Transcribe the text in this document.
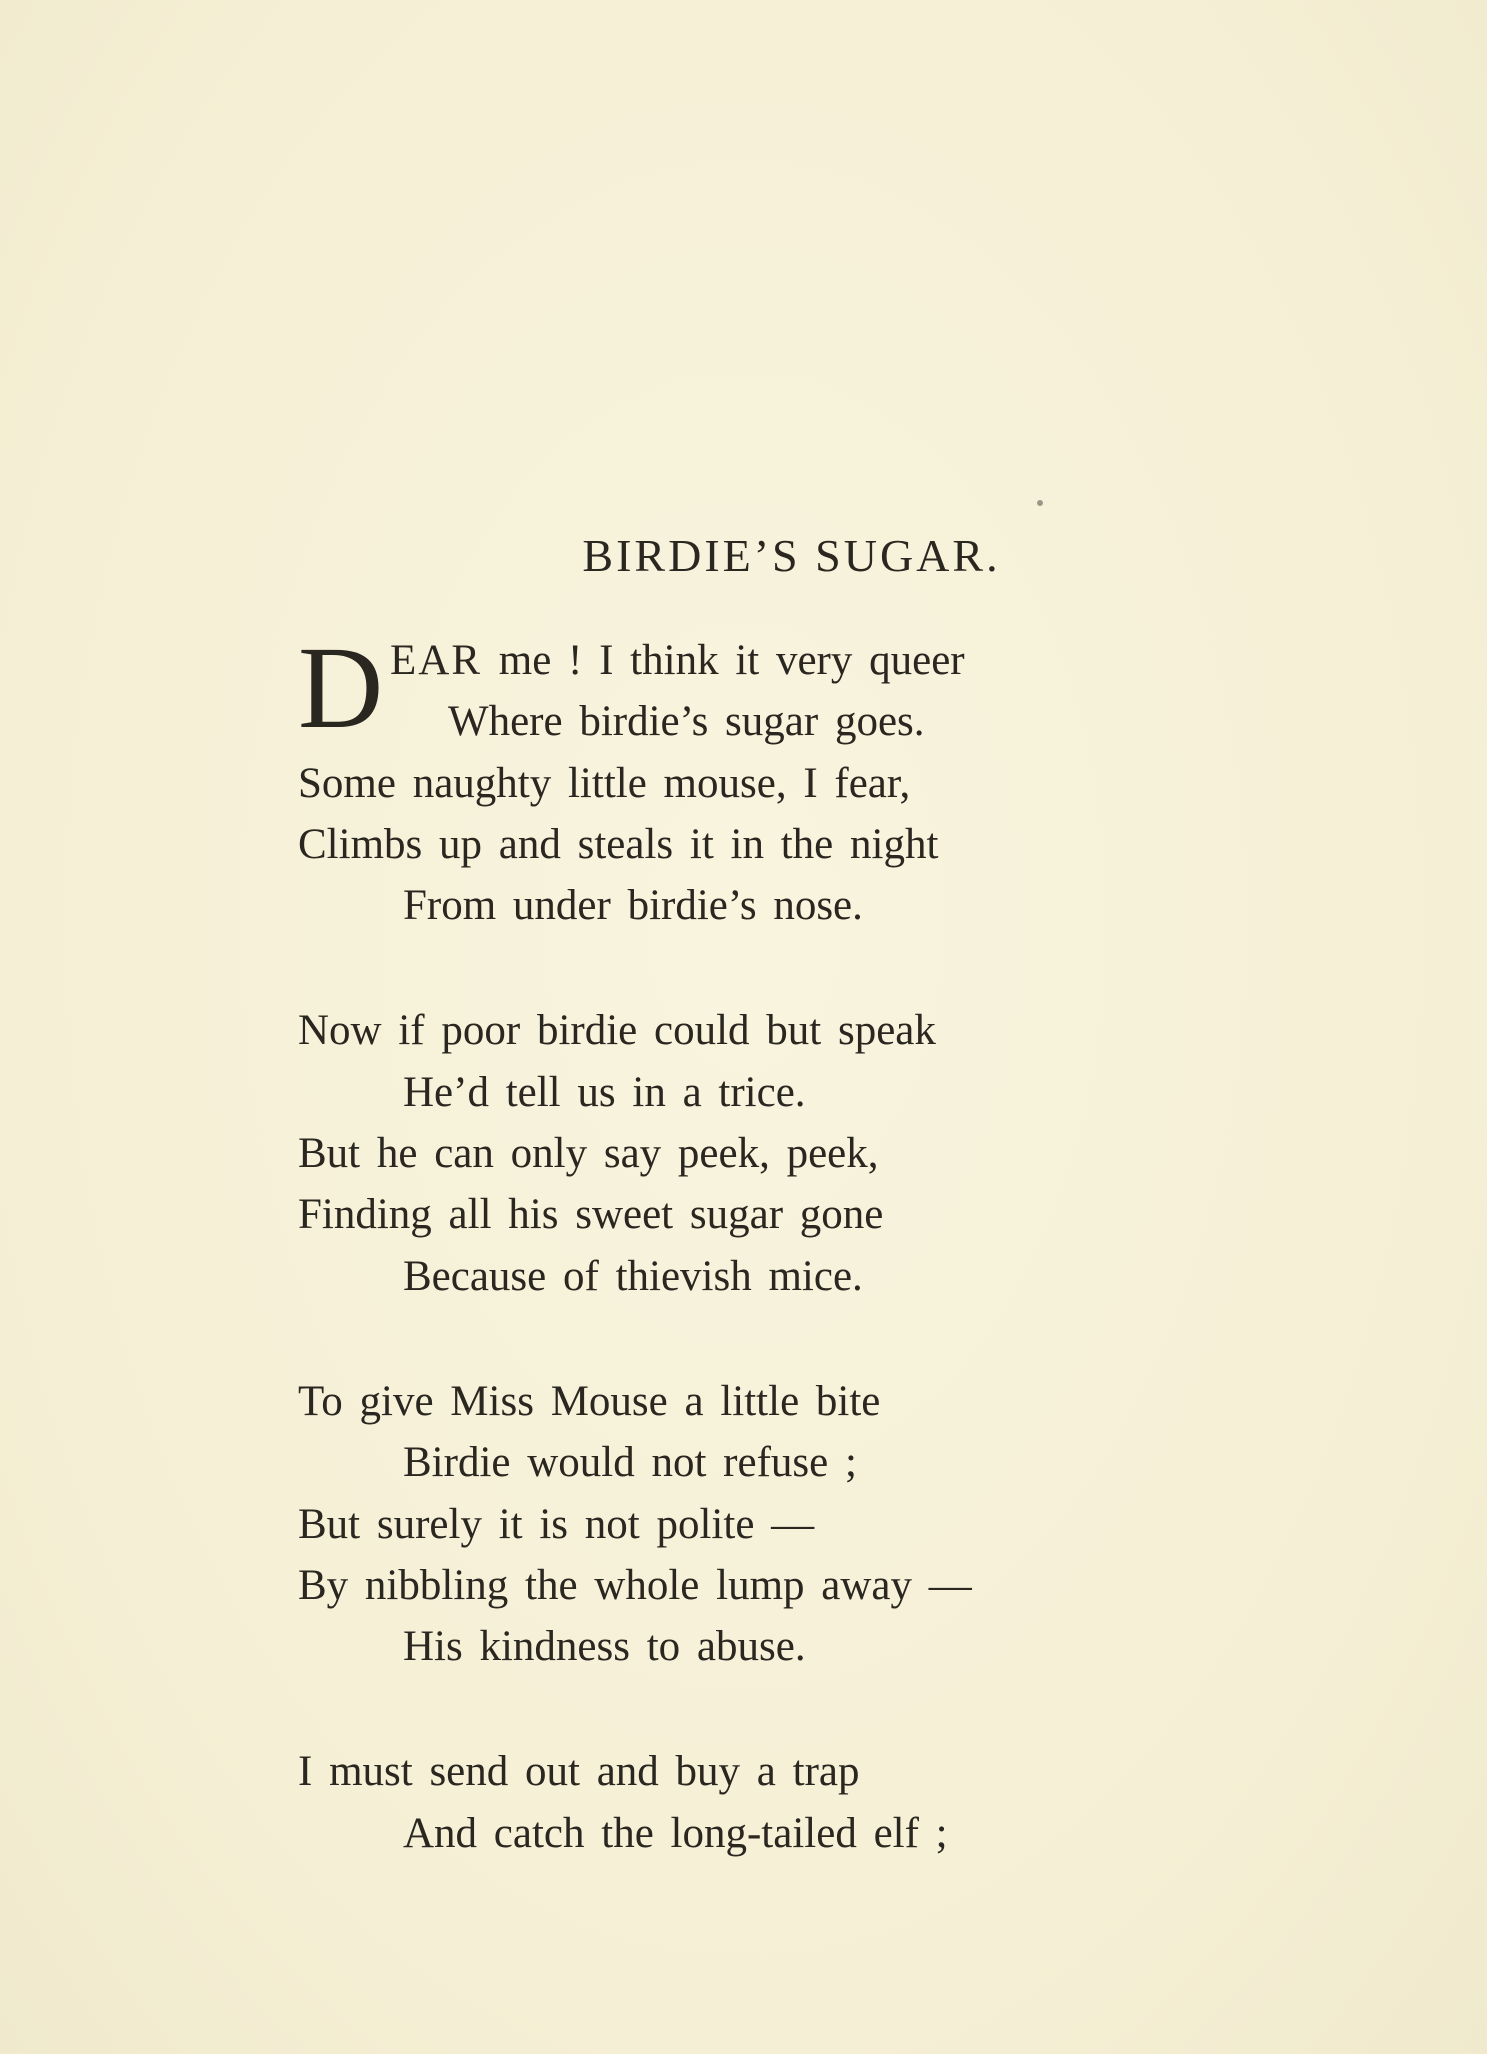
BIRDIE’S SUGAR.
D EAR me ! I think it very queer
Where birdie’s sugar goes.
Some naughty little mouse, I fear,
Climbs up and steals it in the night
From under birdie’s nose.
Now if poor birdie could but speak
He’d tell us in a trice.
But he can only say peek, peek,
Finding all his sweet sugar gone
Because of thievish mice.
To give Miss Mouse a little bite
Birdie would not refuse ;
But surely it is not polite —
By nibbling the whole lump away —
His kindness to abuse.
I must send out and buy a trap
And catch the long-tailed elf ;
